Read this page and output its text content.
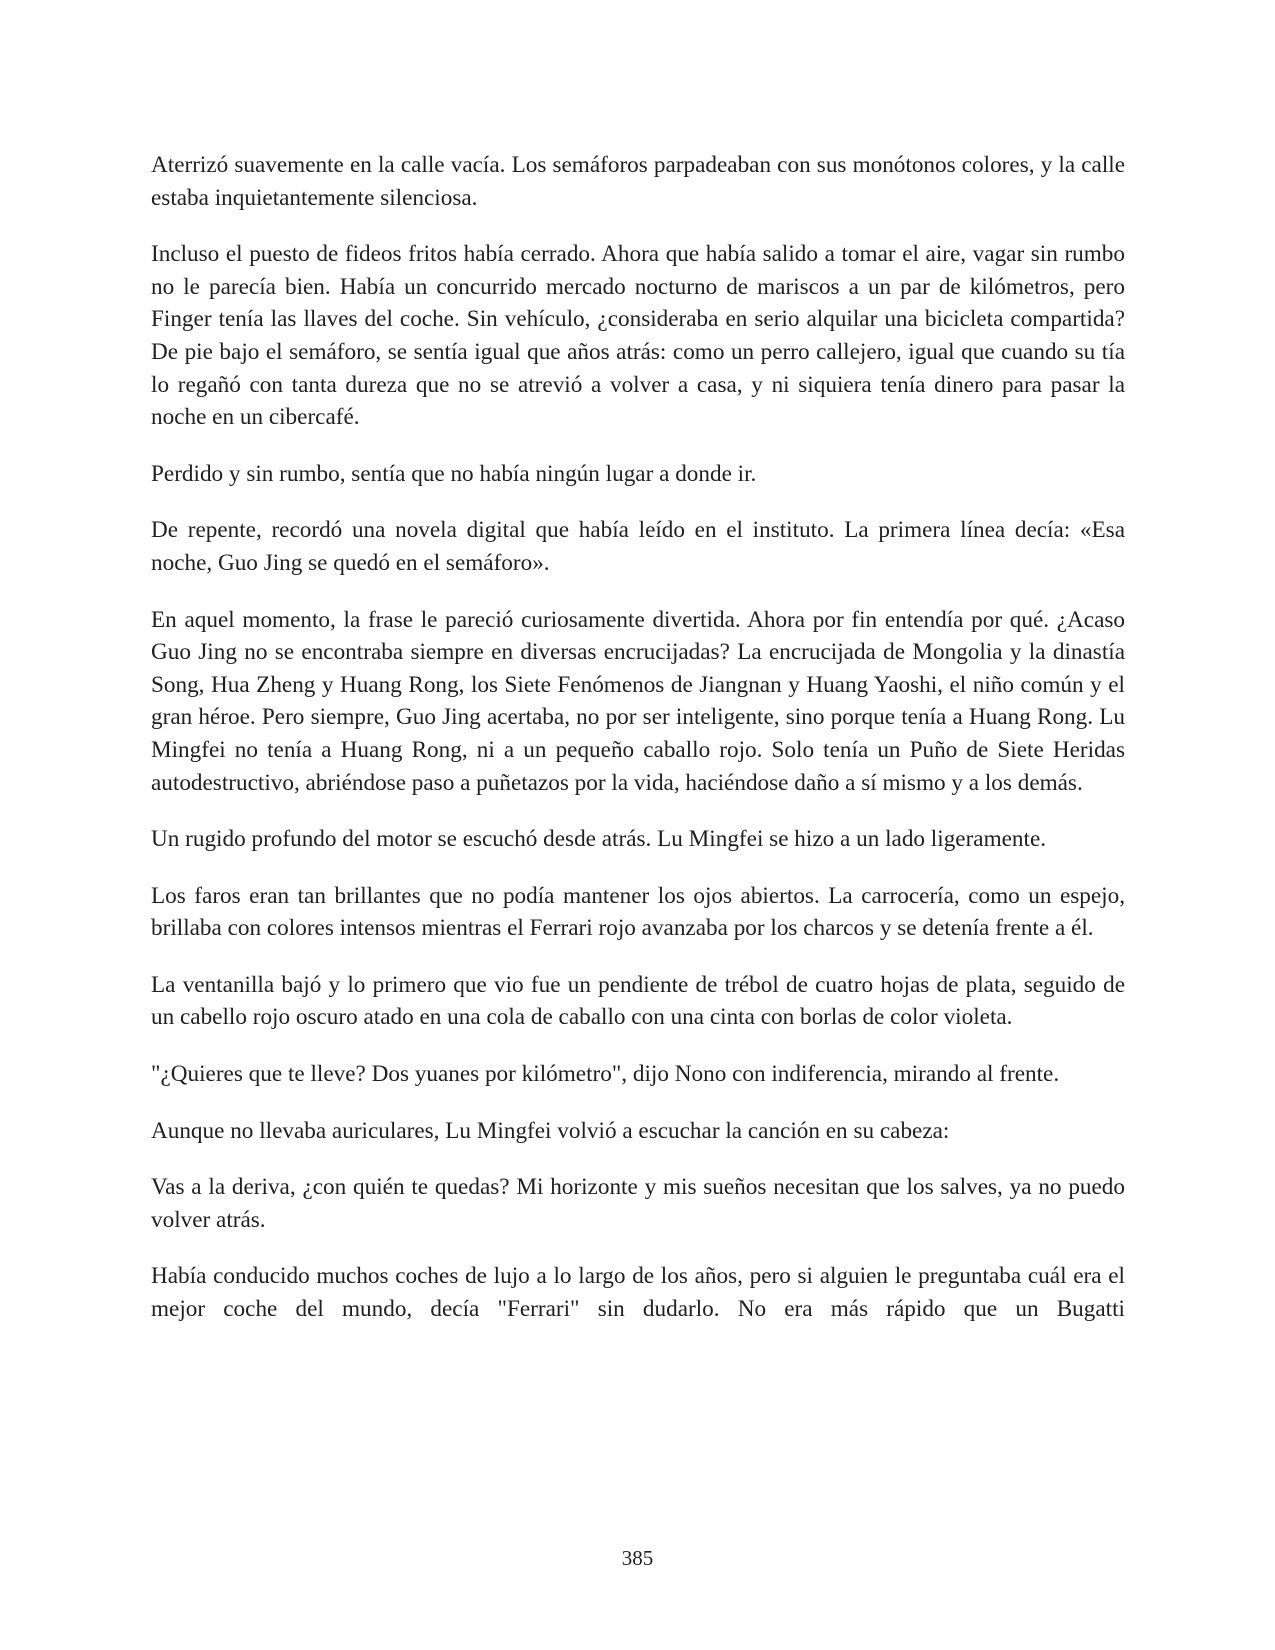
Aterrizó suavemente en la calle vacía. Los semáforos parpadeaban con sus monótonos colores, y la calle estaba inquietantemente silenciosa.

Incluso el puesto de fideos fritos había cerrado. Ahora que había salido a tomar el aire, vagar sin rumbo no le parecía bien. Había un concurrido mercado nocturno de mariscos a un par de kilómetros, pero Finger tenía las llaves del coche. Sin vehículo, ¿consideraba en serio alquilar una bicicleta compartida? De pie bajo el semáforo, se sentía igual que años atrás: como un perro callejero, igual que cuando su tía lo regañó con tanta dureza que no se atrevió a volver a casa, y ni siquiera tenía dinero para pasar la noche en un cibercafé.

Perdido y sin rumbo, sentía que no había ningún lugar a donde ir.

De repente, recordó una novela digital que había leído en el instituto. La primera línea decía: «Esa noche, Guo Jing se quedó en el semáforo».

En aquel momento, la frase le pareció curiosamente divertida. Ahora por fin entendía por qué. ¿Acaso Guo Jing no se encontraba siempre en diversas encrucijadas? La encrucijada de Mongolia y la dinastía Song, Hua Zheng y Huang Rong, los Siete Fenómenos de Jiangnan y Huang Yaoshi, el niño común y el gran héroe. Pero siempre, Guo Jing acertaba, no por ser inteligente, sino porque tenía a Huang Rong. Lu Mingfei no tenía a Huang Rong, ni a un pequeño caballo rojo. Solo tenía un Puño de Siete Heridas autodestructivo, abriéndose paso a puñetazos por la vida, haciéndose daño a sí mismo y a los demás.

Un rugido profundo del motor se escuchó desde atrás. Lu Mingfei se hizo a un lado ligeramente.

Los faros eran tan brillantes que no podía mantener los ojos abiertos. La carrocería, como un espejo, brillaba con colores intensos mientras el Ferrari rojo avanzaba por los charcos y se detenía frente a él.

La ventanilla bajó y lo primero que vio fue un pendiente de trébol de cuatro hojas de plata, seguido de un cabello rojo oscuro atado en una cola de caballo con una cinta con borlas de color violeta.

"¿Quieres que te lleve? Dos yuanes por kilómetro", dijo Nono con indiferencia, mirando al frente.

Aunque no llevaba auriculares, Lu Mingfei volvió a escuchar la canción en su cabeza:

Vas a la deriva, ¿con quién te quedas? Mi horizonte y mis sueños necesitan que los salves, ya no puedo volver atrás.

Había conducido muchos coches de lujo a lo largo de los años, pero si alguien le preguntaba cuál era el mejor coche del mundo, decía "Ferrari" sin dudarlo. No era más rápido que un Bugatti

385
